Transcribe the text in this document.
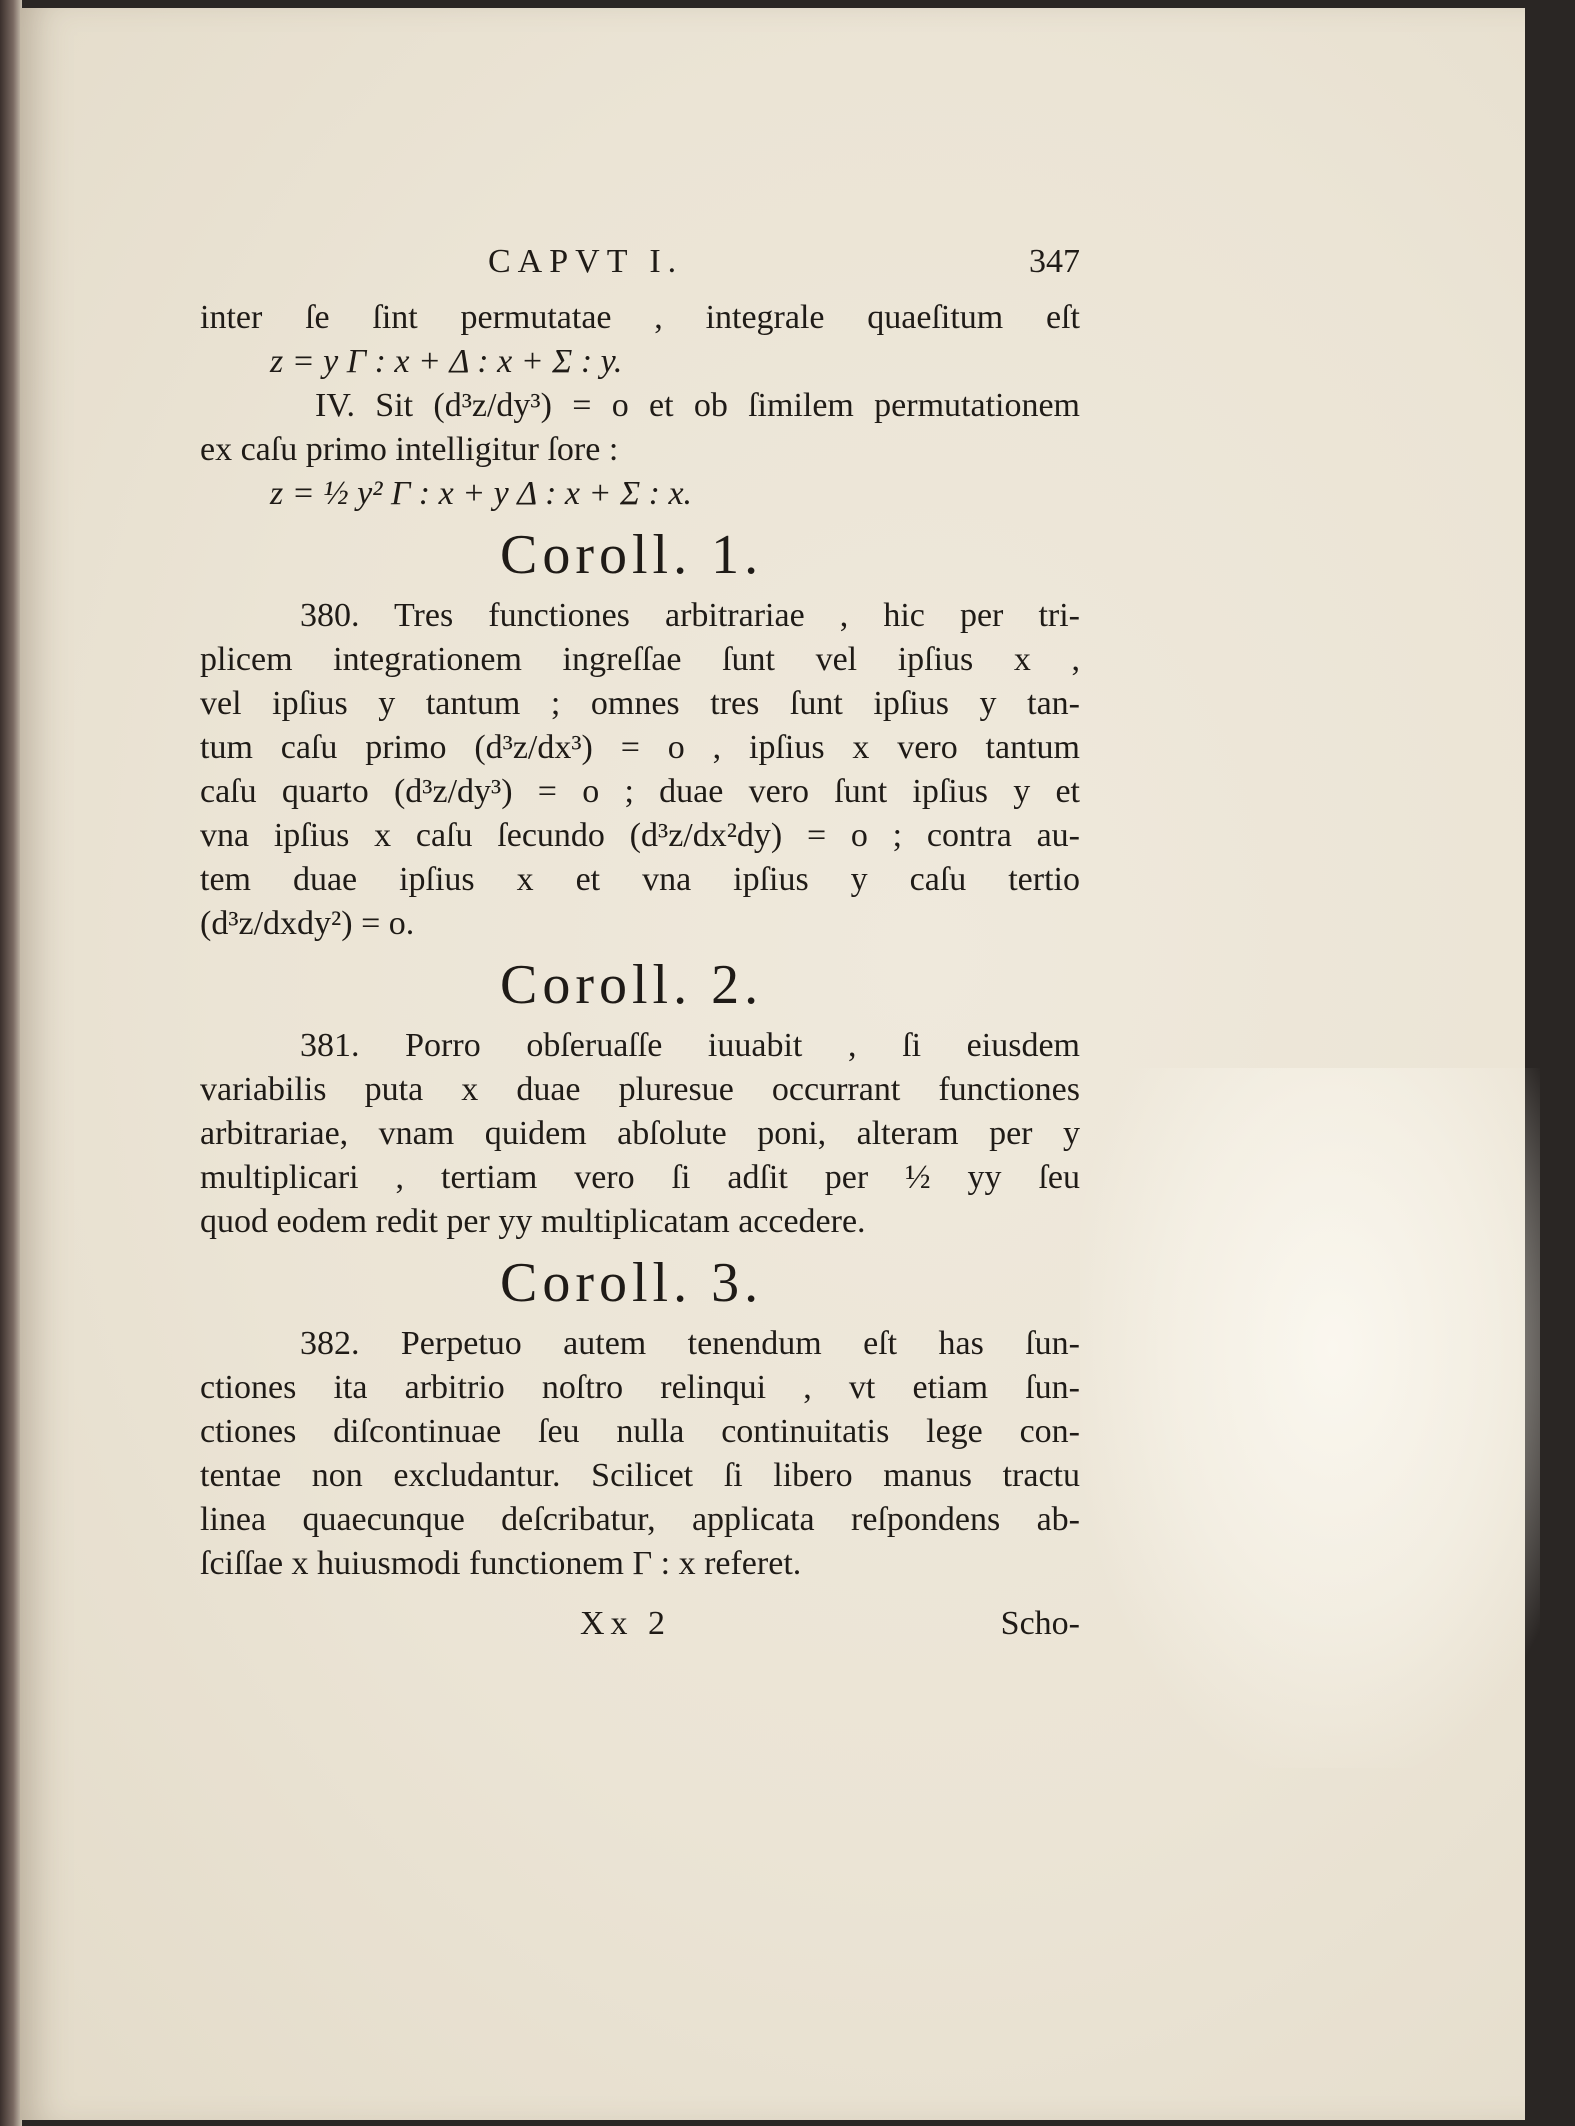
CAPVT I.	347
inter ſe ſint permutatae , integrale quaeſitum eſt
z = y Γ : x + Δ : x + Σ : y.
IV. Sit (d³z/dy³) = o et ob ſimilem permutationem
ex caſu primo intelligitur ſore :
z = ½ y² Γ : x + y Δ : x + Σ : x.
Coroll. 1.
380. Tres functiones arbitrariae , hic per tri-
plicem integrationem ingreſſae ſunt vel ipſius x ,
vel ipſius y tantum ; omnes tres ſunt ipſius y tan-
tum caſu primo (d³z/dx³) = o , ipſius x vero tantum
caſu quarto (d³z/dy³) = o ; duae vero ſunt ipſius y et
vna ipſius x caſu ſecundo (d³z/dx²dy) = o ; contra au-
tem duae ipſius x et vna ipſius y caſu tertio
(d³z/dxdy²) = o.
Coroll. 2.
381. Porro obſeruaſſe iuuabit , ſi eiusdem
variabilis puta x duae pluresue occurrant functiones
arbitrariae, vnam quidem abſolute poni, alteram per y
multiplicari , tertiam vero ſi adſit per ½ yy ſeu
quod eodem redit per yy multiplicatam accedere.
Coroll. 3.
382. Perpetuo autem tenendum eſt has ſun-
ctiones ita arbitrio noſtro relinqui , vt etiam ſun-
ctiones diſcontinuae ſeu nulla continuitatis lege con-
tentae non excludantur. Scilicet ſi libero manus tractu
linea quaecunque deſcribatur, applicata reſpondens ab-
ſciſſae x huiusmodi functionem Γ : x referet.
Xx 2	Scho-
